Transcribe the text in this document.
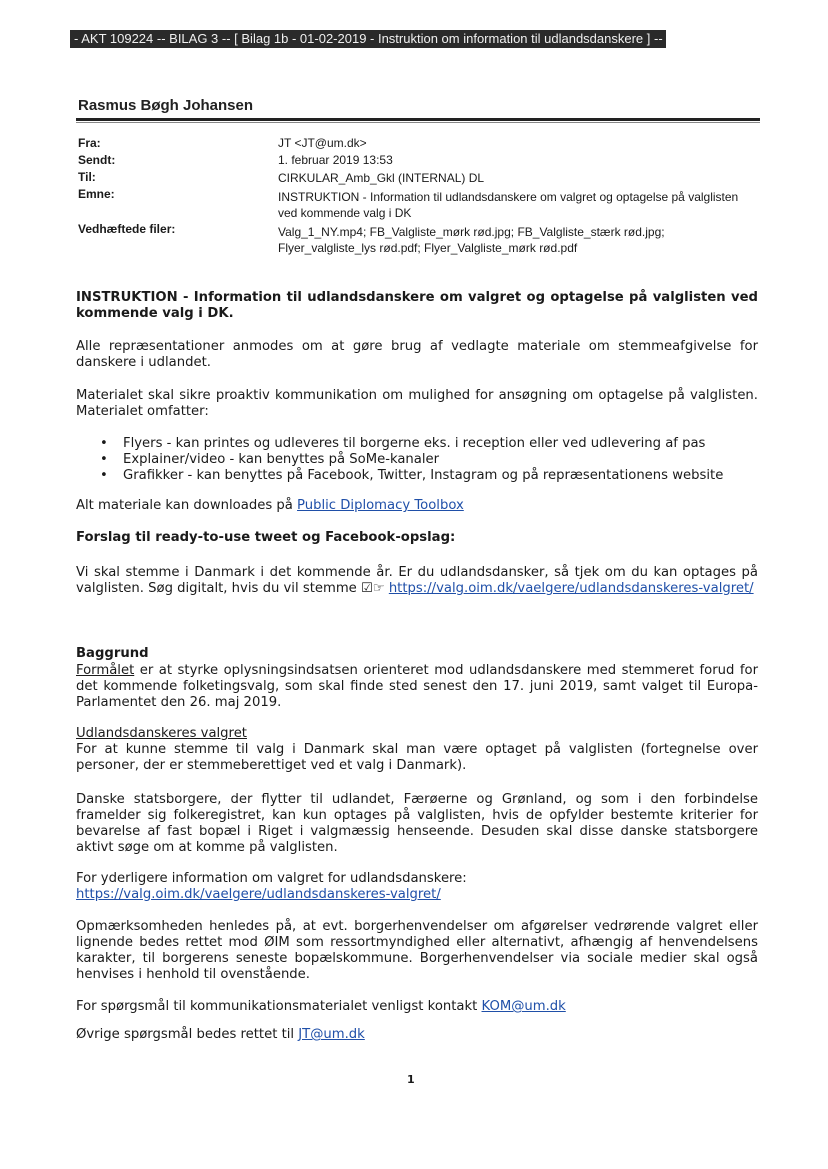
- AKT 109224 -- BILAG 3 -- [ Bilag 1b - 01-02-2019 - Instruktion om information til udlandsdanskere ] --
Rasmus Bøgh Johansen
Fra:	JT <JT@um.dk>
Sendt:	1. februar 2019 13:53
Til:	CIRKULAR_Amb_Gkl (INTERNAL) DL
Emne:	INSTRUKTION - Information til udlandsdanskere om valgret og optagelse på valglisten ved kommende valg i DK
Vedhæftede filer:	Valg_1_NY.mp4; FB_Valgliste_mørk rød.jpg; FB_Valgliste_stærk rød.jpg; Flyer_valgliste_lys rød.pdf; Flyer_Valgliste_mørk rød.pdf
INSTRUKTION - Information til udlandsdanskere om valgret og optagelse på valglisten ved kommende valg i DK.
Alle repræsentationer anmodes om at gøre brug af vedlagte materiale om stemmeafgivelse for danskere i udlandet.
Materialet skal sikre proaktiv kommunikation om mulighed for ansøgning om optagelse på valglisten. Materialet omfatter:
• Flyers - kan printes og udleveres til borgerne eks. i reception eller ved udlevering af pas
• Explainer/video - kan benyttes på SoMe-kanaler
• Grafikker - kan benyttes på Facebook, Twitter, Instagram og på repræsentationens website
Alt materiale kan downloades på Public Diplomacy Toolbox
Forslag til ready-to-use tweet og Facebook-opslag:
Vi skal stemme i Danmark i det kommende år. Er du udlandsdansker, så tjek om du kan optages på valglisten. Søg digitalt, hvis du vil stemme ☑☞ https://valg.oim.dk/vaelgere/udlandsdanskeres-valgret/
Baggrund
Formålet er at styrke oplysningsindsatsen orienteret mod udlandsdanskere med stemmeret forud for det kommende folketingsvalg, som skal finde sted senest den 17. juni 2019, samt valget til Europa-Parlamentet den 26. maj 2019.
Udlandsdanskeres valgret
For at kunne stemme til valg i Danmark skal man være optaget på valglisten (fortegnelse over personer, der er stemmeberettiget ved et valg i Danmark).
Danske statsborgere, der flytter til udlandet, Færøerne og Grønland, og som i den forbindelse framelder sig folkeregistret, kan kun optages på valglisten, hvis de opfylder bestemte kriterier for bevarelse af fast bopæl i Riget i valgmæssig henseende. Desuden skal disse danske statsborgere aktivt søge om at komme på valglisten.
For yderligere information om valgret for udlandsdanskere:
https://valg.oim.dk/vaelgere/udlandsdanskeres-valgret/
Opmærksomheden henledes på, at evt. borgerhenvendelser om afgørelser vedrørende valgret eller lignende bedes rettet mod ØIM som ressortmyndighed eller alternativt, afhængig af henvendelsens karakter, til borgerens seneste bopælskommune. Borgerhenvendelser via sociale medier skal også henvises i henhold til ovenstående.
For spørgsmål til kommunikationsmaterialet venligst kontakt KOM@um.dk
Øvrige spørgsmål bedes rettet til JT@um.dk
1
